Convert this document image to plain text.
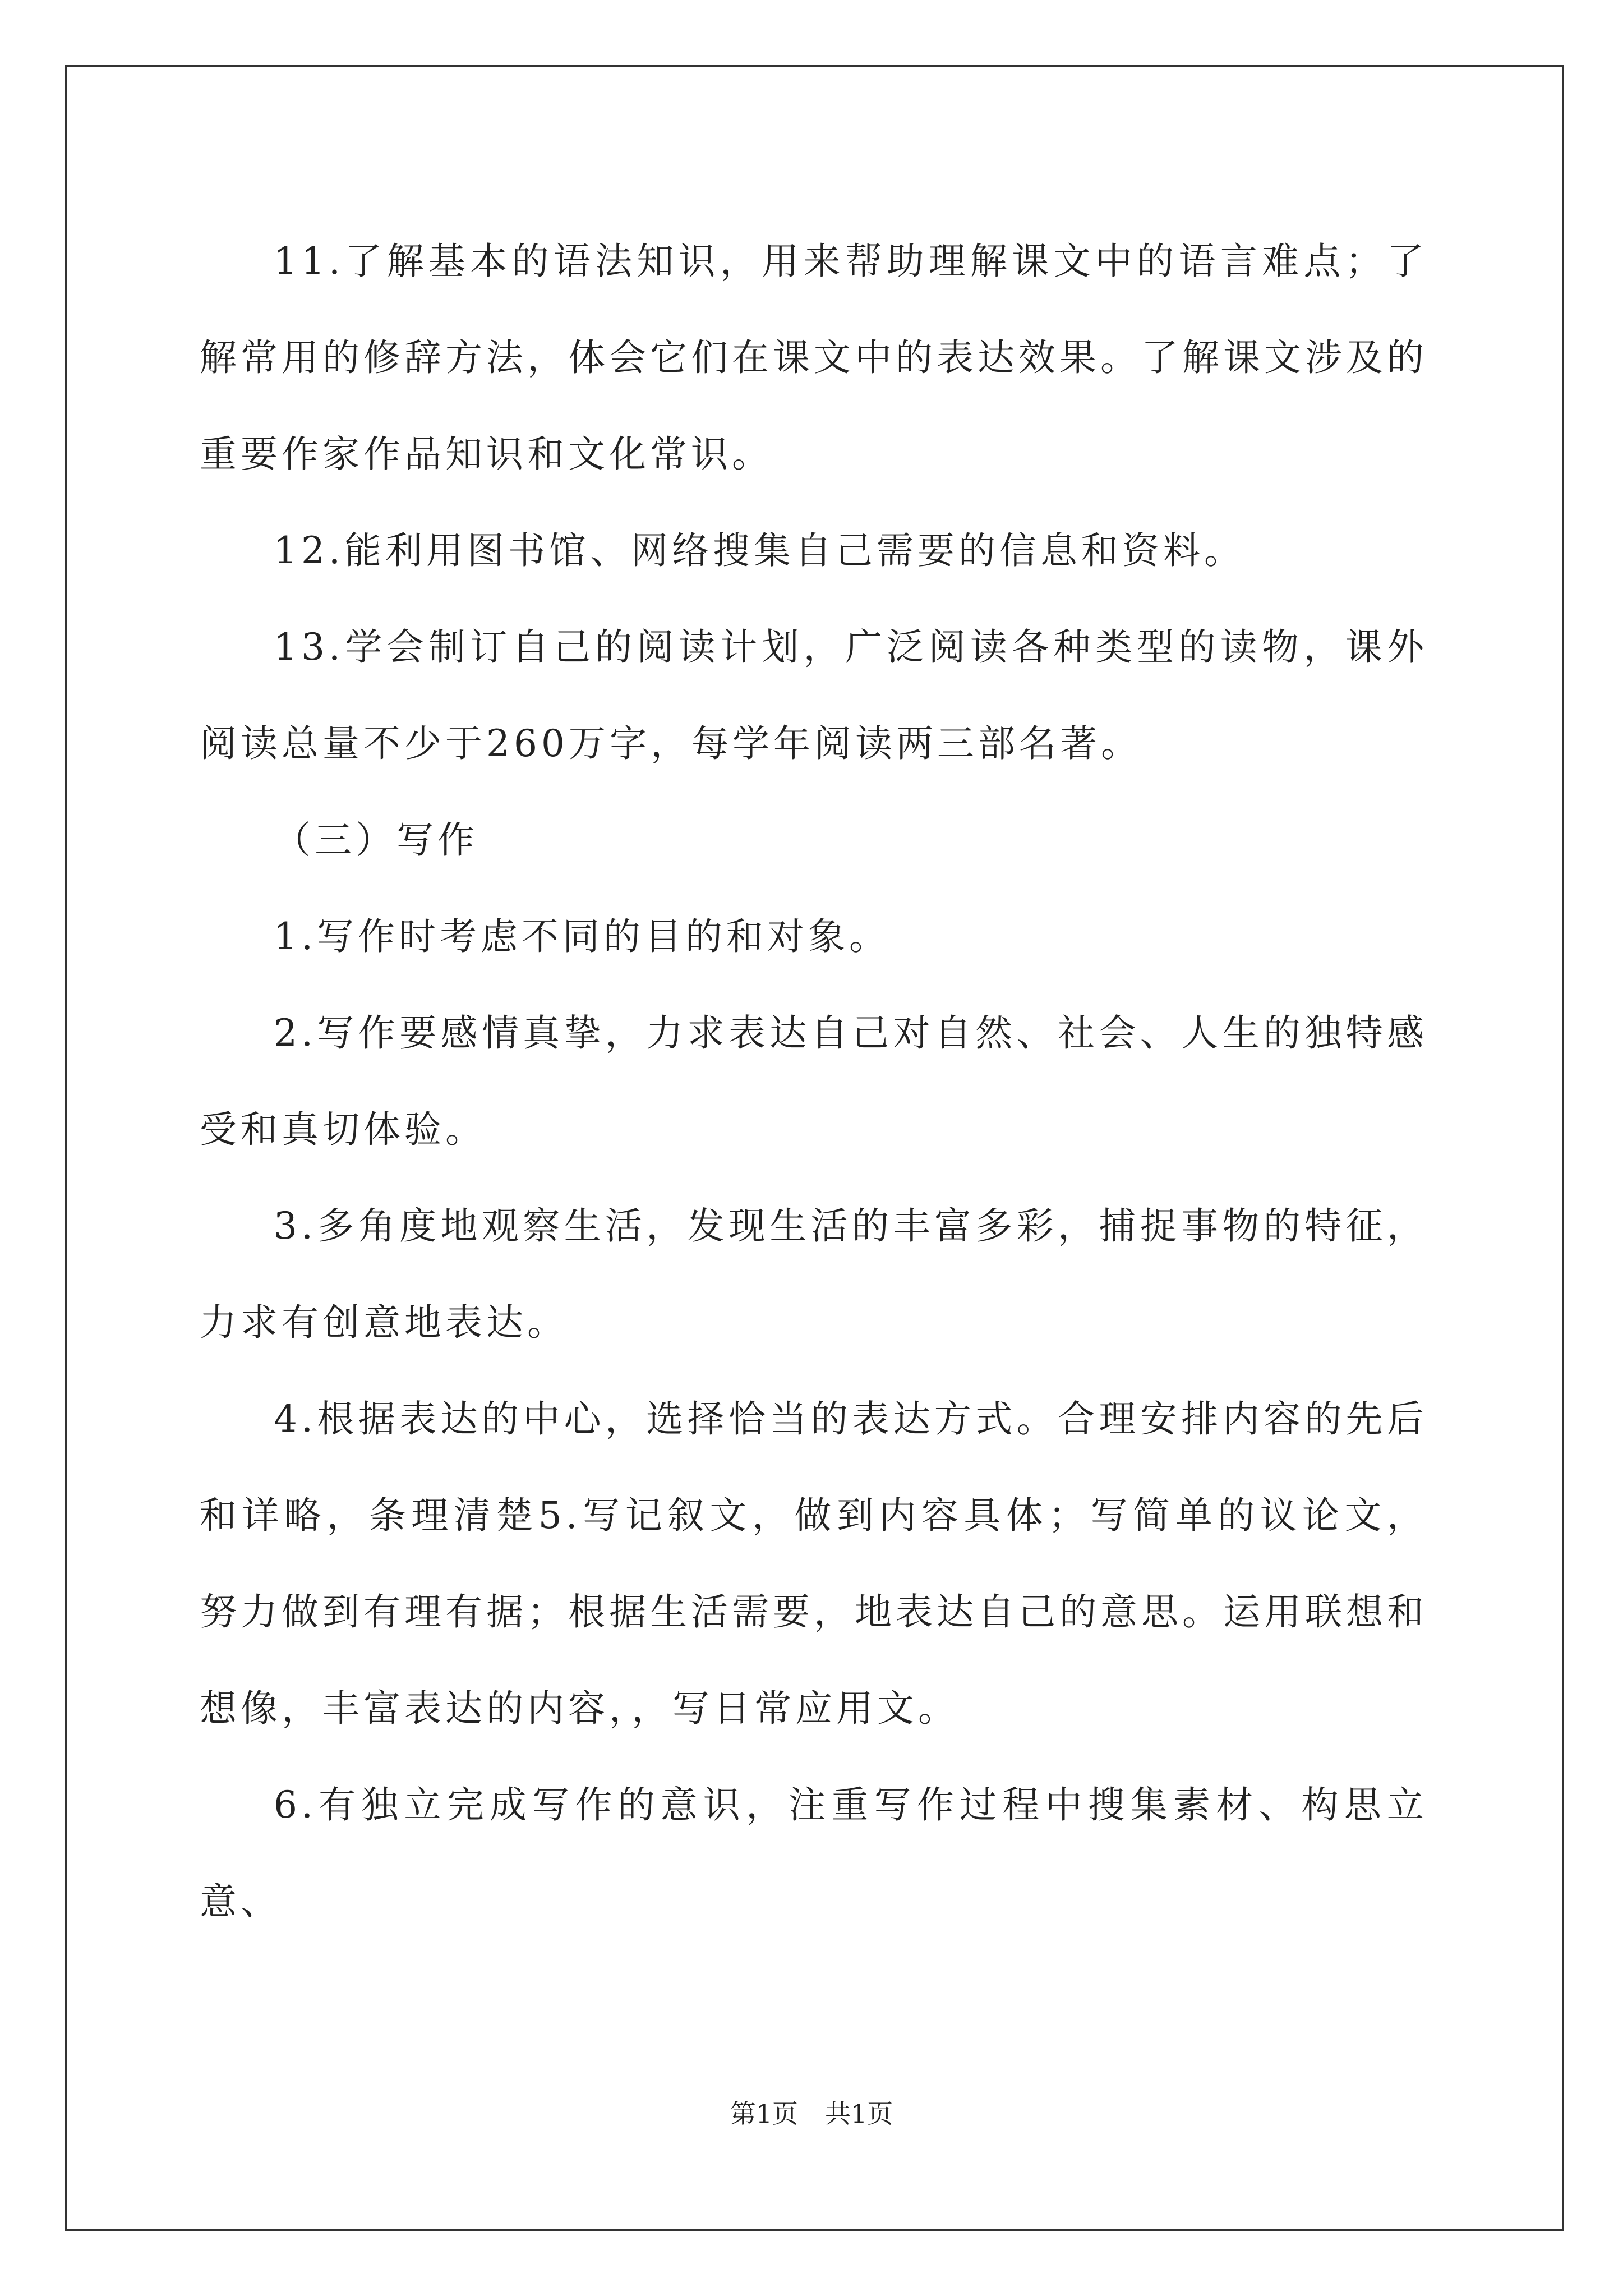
11.了解基本的语法知识，用来帮助理解课文中的语言难点；了解常用的修辞方法，体会它们在课文中的表达效果。了解课文涉及的重要作家作品知识和文化常识。

12.能利用图书馆、网络搜集自己需要的信息和资料。

13.学会制订自己的阅读计划，广泛阅读各种类型的读物，课外阅读总量不少于260万字，每学年阅读两三部名著。

（三）写作

1.写作时考虑不同的目的和对象。

2.写作要感情真挚，力求表达自己对自然、社会、人生的独特感受和真切体验。

3.多角度地观察生活，发现生活的丰富多彩，捕捉事物的特征，力求有创意地表达。

4.根据表达的中心，选择恰当的表达方式。合理安排内容的先后和详略，条理清楚5.写记叙文，做到内容具体；写简单的议论文，努力做到有理有据；根据生活需要，地表达自己的意思。运用联想和想像，丰富表达的内容，，写日常应用文。

6.有独立完成写作的意识，注重写作过程中搜集素材、构思立意、

第1页 共1页
